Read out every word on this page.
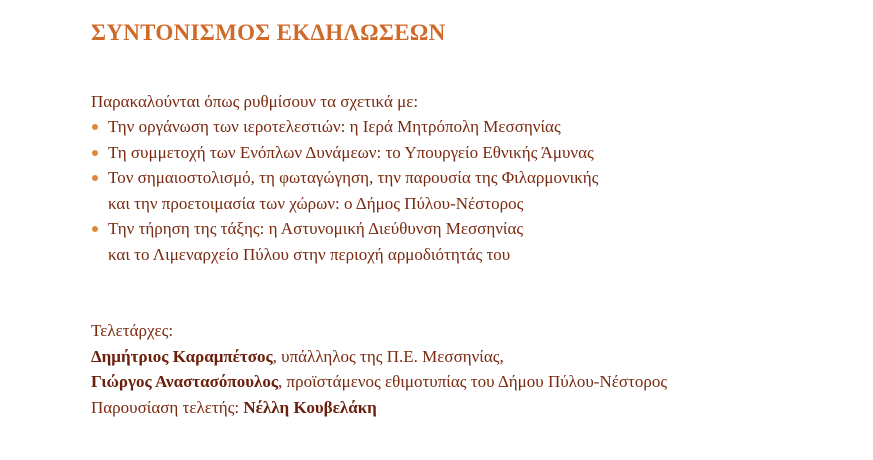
ΣΥΝΤΟΝΙΣΜΟΣ ΕΚΔΗΛΩΣΕΩΝ
Παρακαλούνται όπως ρυθμίσουν τα σχετικά με:
Την οργάνωση των ιεροτελεστιών: η Ιερά Μητρόπολη Μεσσηνίας
Τη συμμετοχή των Ενόπλων Δυνάμεων: το Υπουργείο Εθνικής Άμυνας
Τον σημαιοστολισμό, τη φωταγώγηση, την παρουσία της Φιλαρμονικής
και την προετοιμασία των χώρων: ο Δήμος Πύλου-Νέστορος
Την τήρηση της τάξης: η Αστυνομική Διεύθυνση Μεσσηνίας
και το Λιμεναρχείο Πύλου στην περιοχή αρμοδιότητάς του
Τελετάρχες:
Δημήτριος Καραμπέτσος, υπάλληλος της Π.Ε. Μεσσηνίας,
Γιώργος Αναστασόπουλος, προϊστάμενος εθιμοτυπίας του Δήμου Πύλου-Νέστορος
Παρουσίαση τελετής: Νέλλη Κουβελάκη
